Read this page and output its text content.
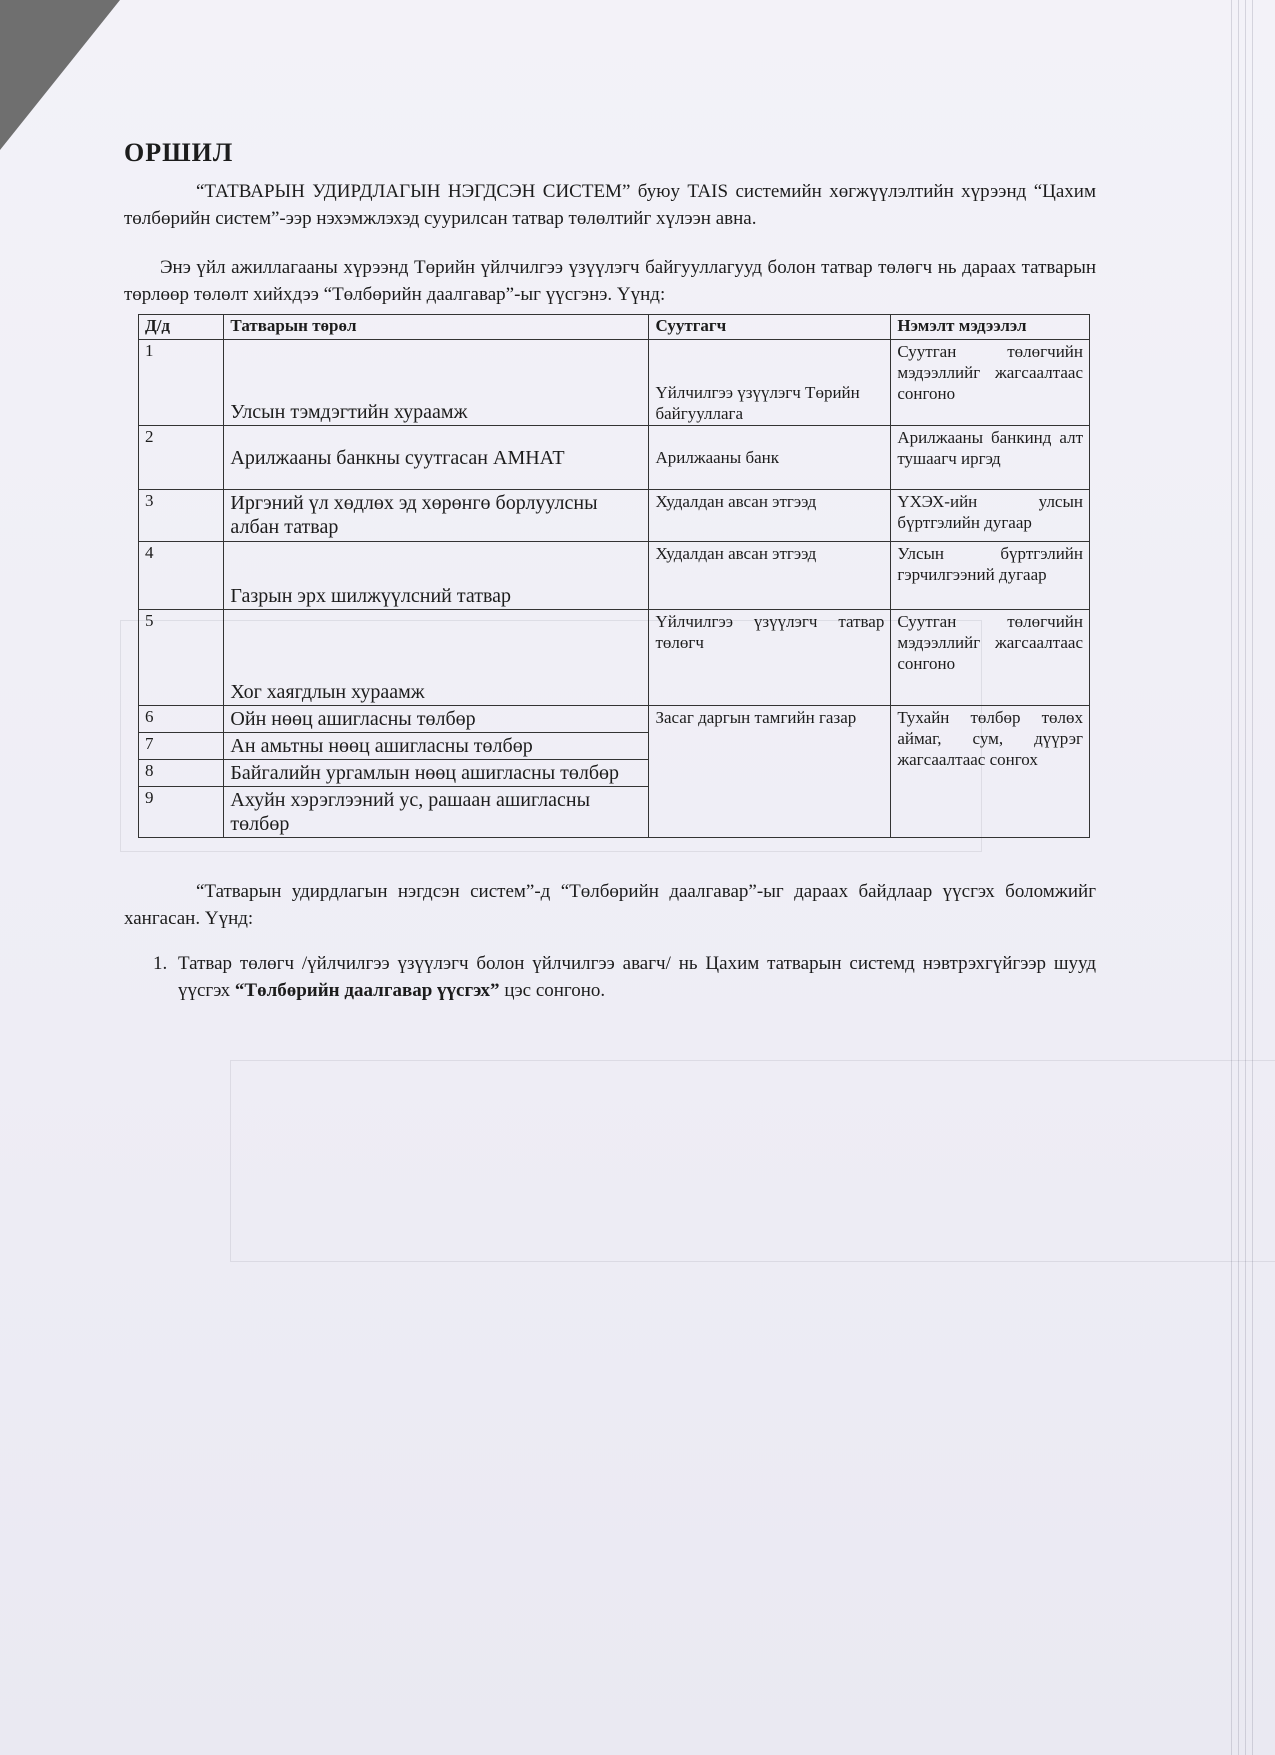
ОРШИЛ

“ТАТВАРЫН УДИРДЛАГЫН НЭГДСЭН СИСТЕМ” буюу TAIS системийн хөгжүүлэлтийн хүрээнд “Цахим төлбөрийн систем”-ээр нэхэмжлэхэд суурилсан татвар төлөлтийг хүлээн авна.

Энэ үйл ажиллагааны хүрээнд Төрийн үйлчилгээ үзүүлэгч байгууллагууд болон татвар төлөгч нь дараах татварын төрлөөр төлөлт хийхдээ “Төлбөрийн даалгавар”-ыг үүсгэнэ. Үүнд:

Д/д	Татварын төрөл	Суутгагч	Нэмэлт мэдээлэл
1	Улсын тэмдэгтийн хураамж	Үйлчилгээ үзүүлэгч Төрийн байгууллага	Суутган төлөгчийн мэдээллийг жагсаалтаас сонгоно
2	Арилжааны банкны суутгасан АМНАТ	Арилжааны банк	Арилжааны банкинд алт тушаагч иргэд
3	Иргэний үл хөдлөх эд хөрөнгө борлуулсны албан татвар	Худалдан авсан этгээд	ҮХЭХ-ийн улсын бүртгэлийн дугаар
4	Газрын эрх шилжүүлсний татвар	Худалдан авсан этгээд	Улсын бүртгэлийн гэрчилгээний дугаар
5	Хог хаягдлын хураамж	Үйлчилгээ үзүүлэгч татвар төлөгч	Суутган төлөгчийн мэдээллийг жагсаалтаас сонгоно
6	Ойн нөөц ашигласны төлбөр	Засаг даргын тамгийн газар	Тухайн төлбөр төлөх аймаг, сум, дүүрэг жагсаалтаас сонгох
7	Ан амьтны нөөц ашигласны төлбөр		
8	Байгалийн ургамлын нөөц ашигласны төлбөр		
9	Ахуйн хэрэглээний ус, рашаан ашигласны төлбөр		

“Татварын удирдлагын нэгдсэн систем”-д “Төлбөрийн даалгавар”-ыг дараах байдлаар үүсгэх боломжийг хангасан. Үүнд:

1. Татвар төлөгч /үйлчилгээ үзүүлэгч болон үйлчилгээ авагч/ нь Цахим татварын системд нэвтрэхгүйгээр шууд үүсгэх “Төлбөрийн даалгавар үүсгэх” цэс сонгоно.
